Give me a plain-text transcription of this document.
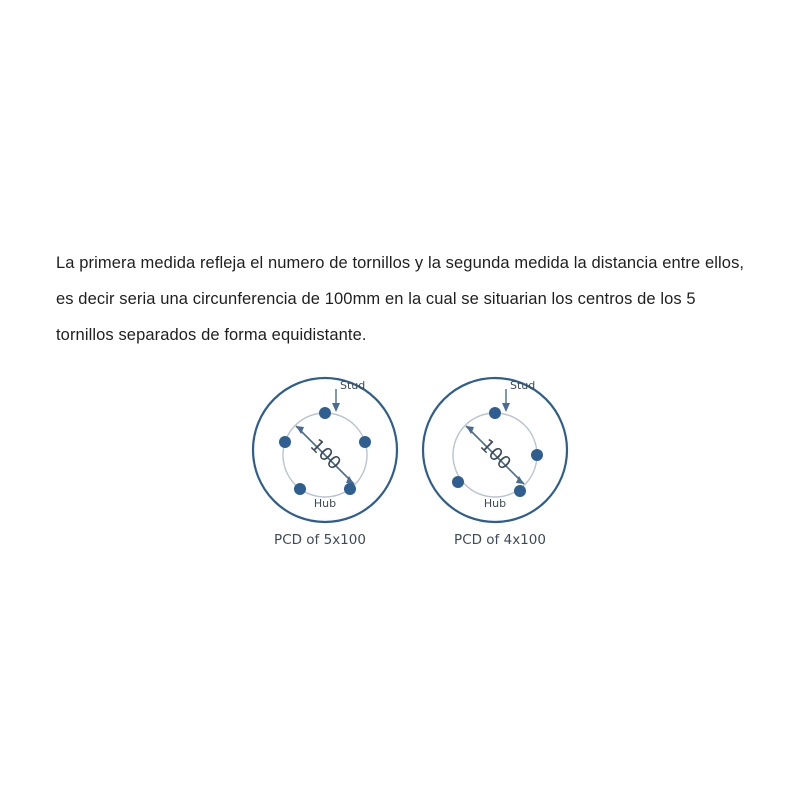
La primera medida refleja el numero de tornillos y la segunda medida la distancia entre ellos, es decir seria una circunferencia de 100mm en la cual se situarian los centros de los 5 tornillos separados de forma equidistante.

100
Stud
Hub
100
Stud
Hub
PCD of 5x100	PCD of 4x100
